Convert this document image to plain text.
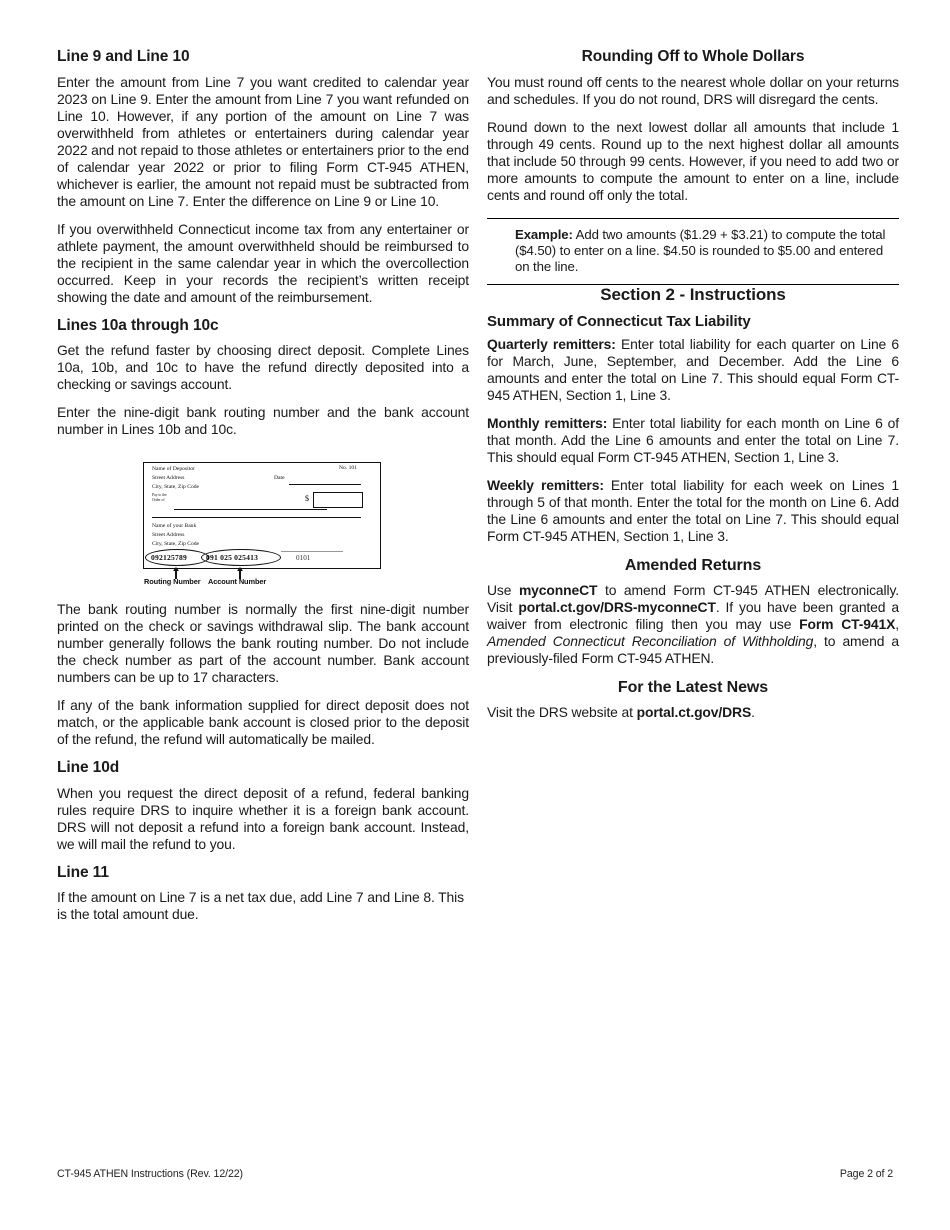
Line 9 and Line 10

Enter the amount from Line 7 you want credited to calendar year 2023 on Line 9. Enter the amount from Line 7 you want refunded on Line 10. However, if any portion of the amount on Line 7 was overwithheld from athletes or entertainers during calendar year 2022 and not repaid to those athletes or entertainers prior to the end of calendar year 2022 or prior to filing Form CT-945 ATHEN, whichever is earlier, the amount not repaid must be subtracted from the amount on Line 7. Enter the difference on Line 9 or Line 10.

If you overwithheld Connecticut income tax from any entertainer or athlete payment, the amount overwithheld should be reimbursed to the recipient in the same calendar year in which the overcollection occurred. Keep in your records the recipient’s written receipt showing the date and amount of the reimbursement.

Lines 10a through 10c

Get the refund faster by choosing direct deposit. Complete Lines 10a, 10b, and 10c to have the refund directly deposited into a checking or savings account.

Enter the nine-digit bank routing number and the bank account number in Lines 10b and 10c.

Name of Depositor
Street Address
City, State, Zip Code
Pay to the
Order of
No. 101
Date
$
Name of your Bank
Street Address
City, State, Zip Code
092125789	091 025 025413	0101
Routing Number Account Number

The bank routing number is normally the first nine-digit number printed on the check or savings withdrawal slip. The bank account number generally follows the bank routing number. Do not include the check number as part of the account number. Bank account numbers can be up to 17 characters.

If any of the bank information supplied for direct deposit does not match, or the applicable bank account is closed prior to the deposit of the refund, the refund will automatically be mailed.

Line 10d

When you request the direct deposit of a refund, federal banking rules require DRS to inquire whether it is a foreign bank account. DRS will not deposit a refund into a foreign bank account. Instead, we will mail the refund to you.

Line 11

If the amount on Line 7 is a net tax due, add Line 7 and Line 8. This is the total amount due.

Rounding Off to Whole Dollars

You must round off cents to the nearest whole dollar on your returns and schedules. If you do not round, DRS will disregard the cents.

Round down to the next lowest dollar all amounts that include 1 through 49 cents. Round up to the next highest dollar all amounts that include 50 through 99 cents. However, if you need to add two or more amounts to compute the amount to enter on a line, include cents and round off only the total.

Example: Add two amounts ($1.29 + $3.21) to compute the total ($4.50) to enter on a line. $4.50 is rounded to $5.00 and entered on the line.

Section 2 - Instructions
Summary of Connecticut Tax Liability

Quarterly remitters: Enter total liability for each quarter on Line 6 for March, June, September, and December. Add the Line 6 amounts and enter the total on Line 7. This should equal Form CT-945 ATHEN, Section 1, Line 3.

Monthly remitters: Enter total liability for each month on Line 6 of that month. Add the Line 6 amounts and enter the total on Line 7. This should equal Form CT-945 ATHEN, Section 1, Line 3.

Weekly remitters: Enter total liability for each week on Lines 1 through 5 of that month. Enter the total for the month on Line 6. Add the Line 6 amounts and enter the total on Line 7. This should equal Form CT-945 ATHEN, Section 1, Line 3.

Amended Returns

Use myconneCT to amend Form CT-945 ATHEN electronically. Visit portal.ct.gov/DRS-myconneCT. If you have been granted a waiver from electronic filing then you may use Form CT-941X, Amended Connecticut Reconciliation of Withholding, to amend a previously-filed Form CT-945 ATHEN.

For the Latest News

Visit the DRS website at portal.ct.gov/DRS.

CT-945 ATHEN Instructions (Rev. 12/22)	Page 2 of 2
